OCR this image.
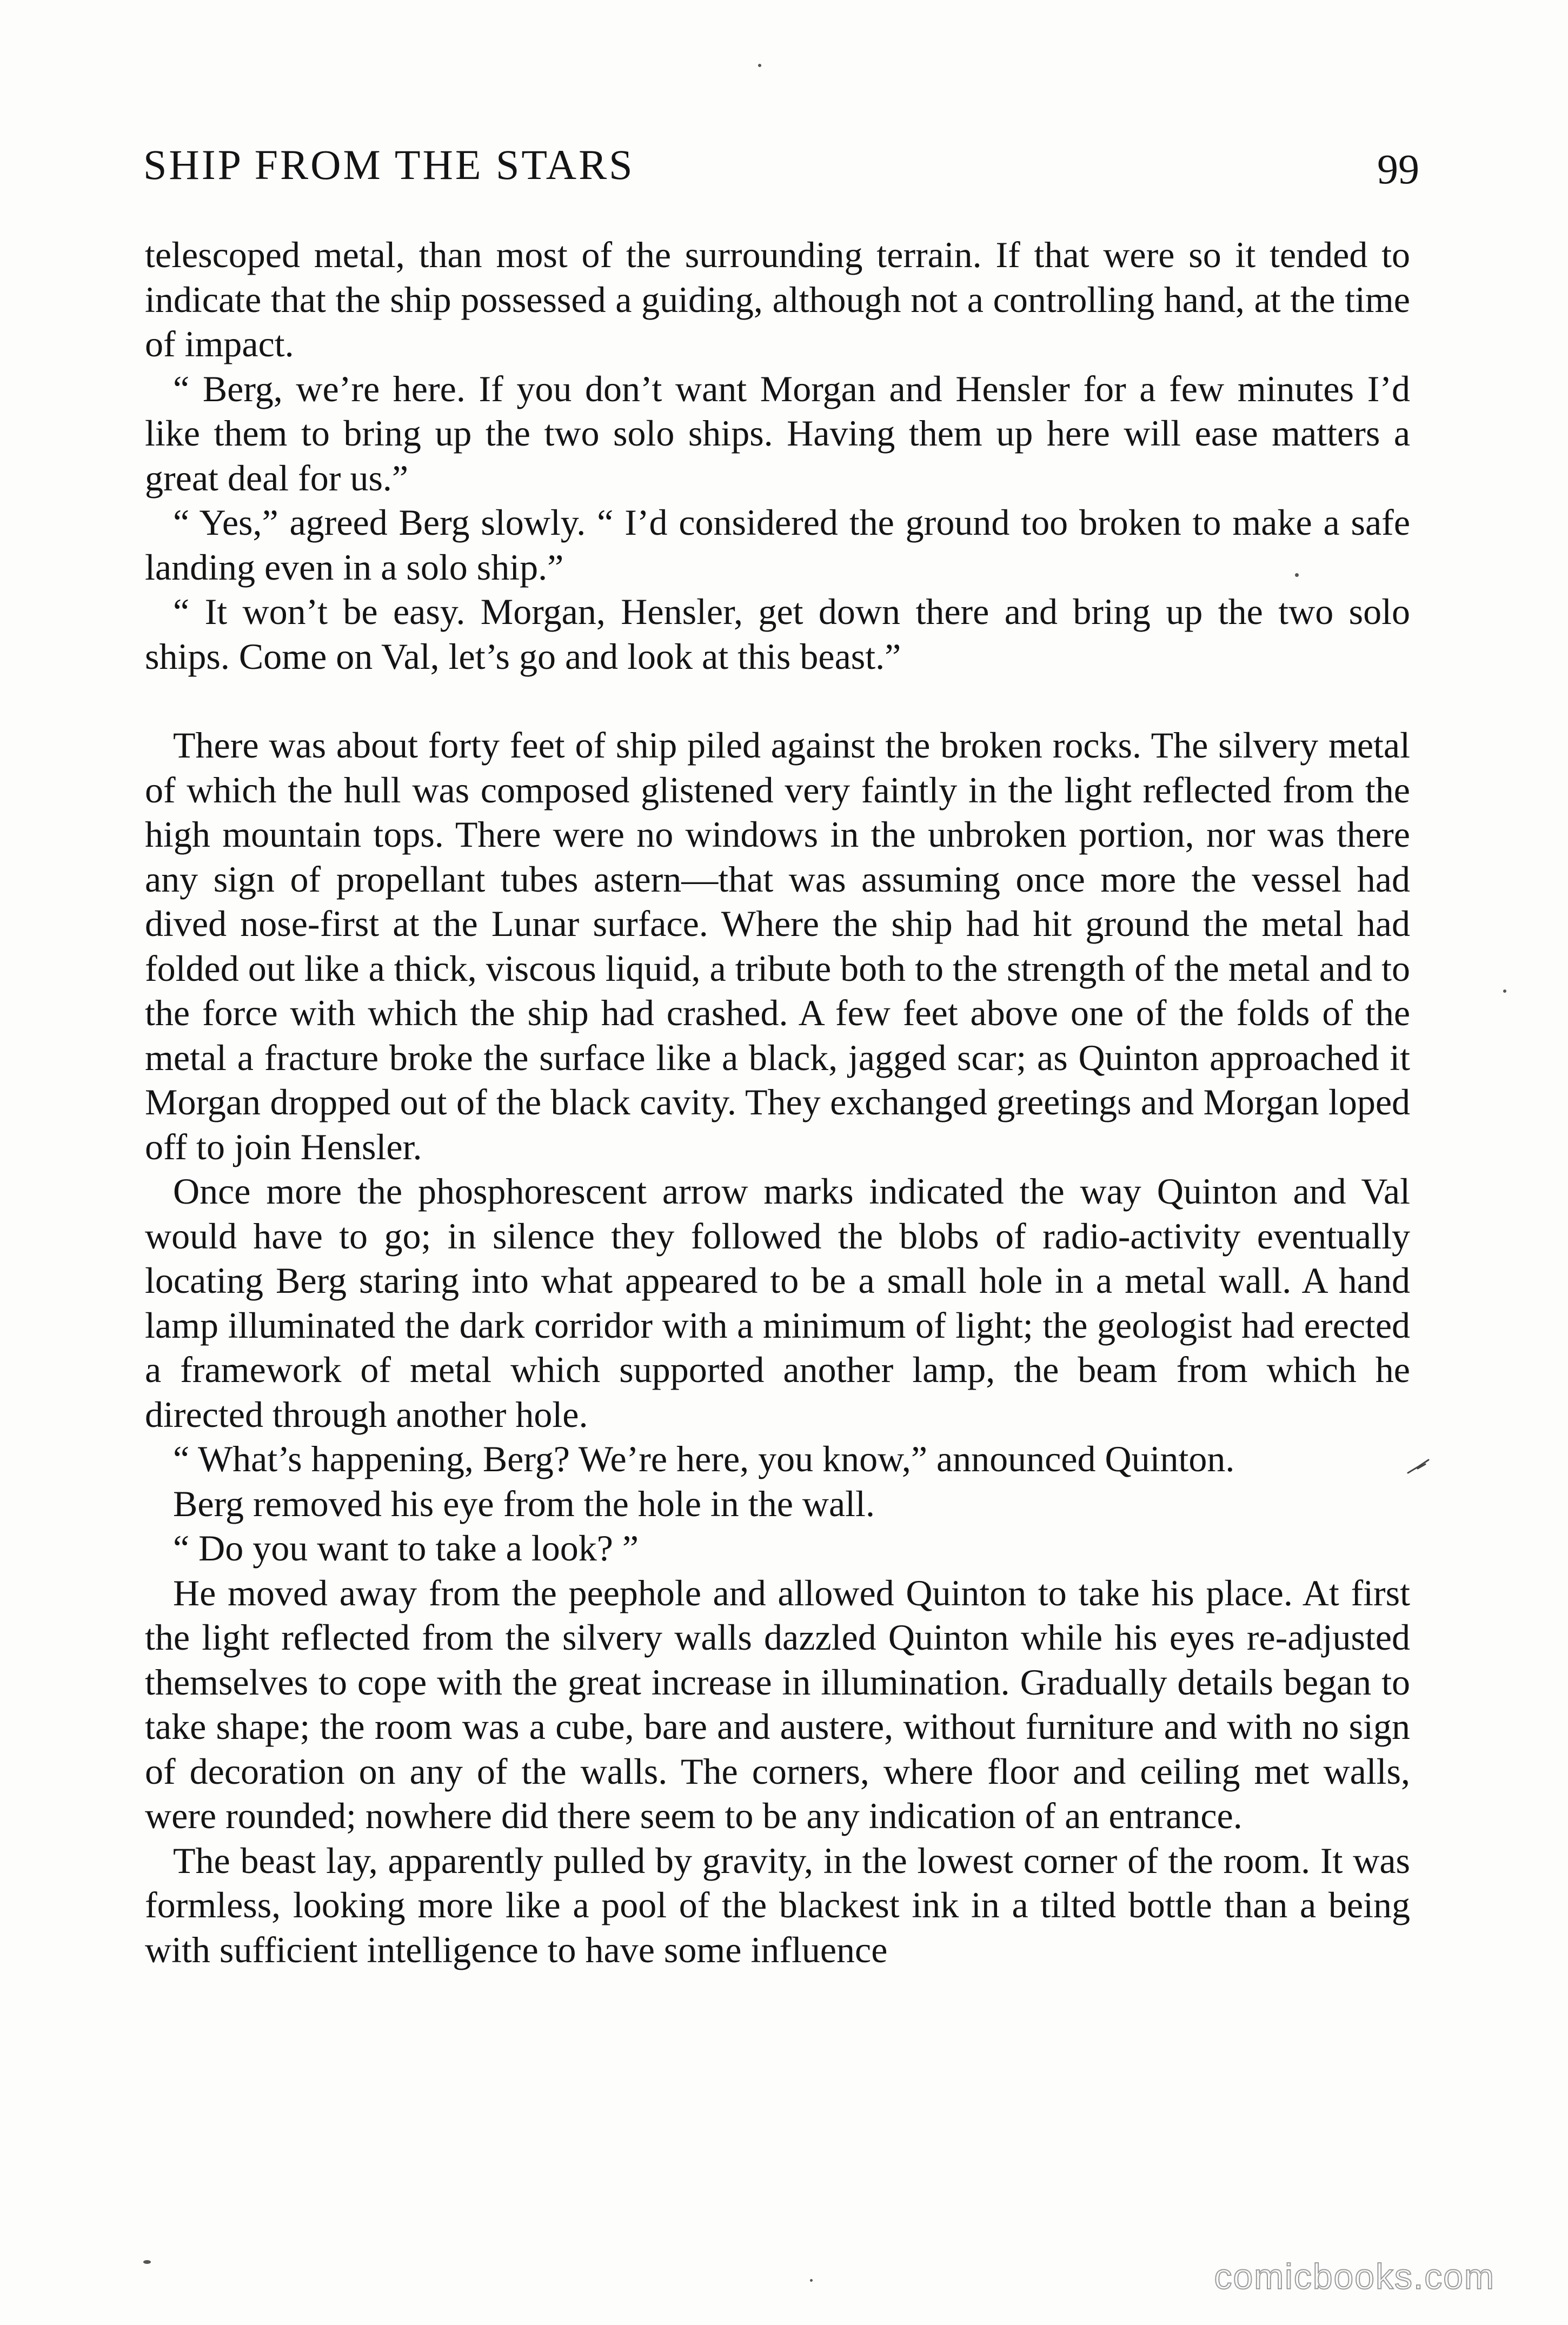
SHIP FROM THE STARS	99

telescoped metal, than most of the surrounding terrain. If that were so it tended to indicate that the ship possessed a guiding, although not a controlling hand, at the time of impact.

“ Berg, we’re here. If you don’t want Morgan and Hensler for a few minutes I’d like them to bring up the two solo ships. Having them up here will ease matters a great deal for us.”

“ Yes,” agreed Berg slowly. “ I’d considered the ground too broken to make a safe landing even in a solo ship.”

“ It won’t be easy. Morgan, Hensler, get down there and bring up the two solo ships. Come on Val, let’s go and look at this beast.”

There was about forty feet of ship piled against the broken rocks. The silvery metal of which the hull was composed glistened very faintly in the light reflected from the high mountain tops. There were no windows in the unbroken portion, nor was there any sign of propellant tubes astern—that was assuming once more the vessel had dived nose-first at the Lunar surface. Where the ship had hit ground the metal had folded out like a thick, viscous liquid, a tribute both to the strength of the metal and to the force with which the ship had crashed. A few feet above one of the folds of the metal a fracture broke the surface like a black, jagged scar; as Quinton approached it Morgan dropped out of the black cavity. They exchanged greetings and Morgan loped off to join Hensler.

Once more the phosphorescent arrow marks indicated the way Quinton and Val would have to go; in silence they followed the blobs of radio-activity eventually locating Berg staring into what appeared to be a small hole in a metal wall. A hand lamp illuminated the dark corridor with a minimum of light; the geologist had erected a framework of metal which supported another lamp, the beam from which he directed through another hole.

“ What’s happening, Berg? We’re here, you know,” announced Quinton.

Berg removed his eye from the hole in the wall.

“ Do you want to take a look? ”

He moved away from the peephole and allowed Quinton to take his place. At first the light reflected from the silvery walls dazzled Quinton while his eyes re-adjusted themselves to cope with the great increase in illumination. Gradually details began to take shape; the room was a cube, bare and austere, without furniture and with no sign of decoration on any of the walls. The corners, where floor and ceiling met walls, were rounded; nowhere did there seem to be any indication of an entrance.

The beast lay, apparently pulled by gravity, in the lowest corner of the room. It was formless, looking more like a pool of the blackest ink in a tilted bottle than a being with sufficient intelligence to have some influence

comicbooks.com
